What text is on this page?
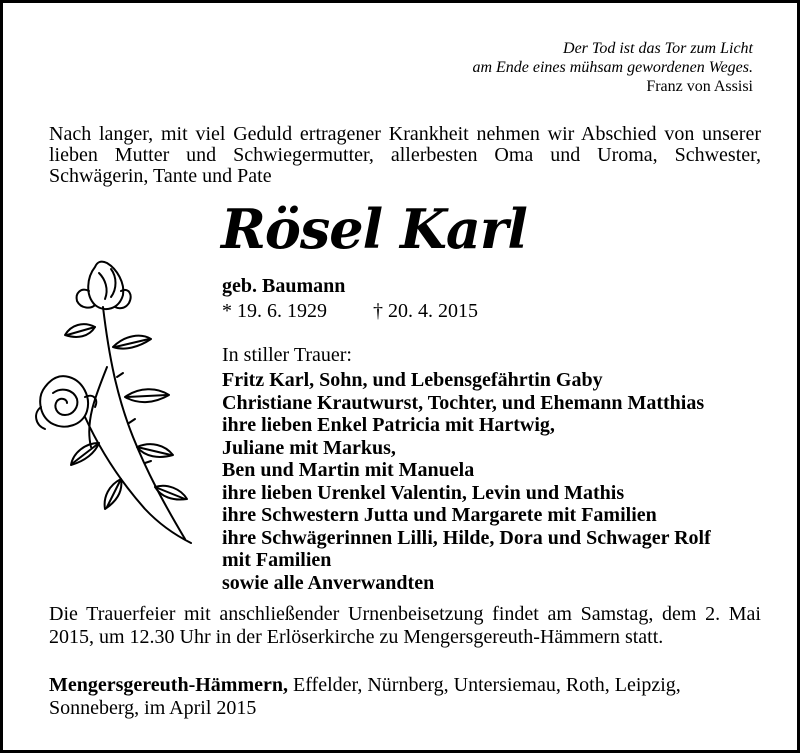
Der Tod ist das Tor zum Licht
am Ende eines mühsam gewordenen Weges.
Franz von Assisi
Nach langer, mit viel Geduld ertragener Krankheit nehmen wir Abschied von unserer lieben Mutter und Schwiegermutter, allerbesten Oma und Uroma, Schwester, Schwägerin, Tante und Pate
Rösel Karl
geb. Baumann
* 19. 6. 1929 † 20. 4. 2015
In stiller Trauer:
Fritz Karl, Sohn, und Lebensgefährtin Gaby
Christiane Krautwurst, Tochter, und Ehemann Matthias
ihre lieben Enkel Patricia mit Hartwig,
Juliane mit Markus,
Ben und Martin mit Manuela
ihre lieben Urenkel Valentin, Levin und Mathis
ihre Schwestern Jutta und Margarete mit Familien
ihre Schwägerinnen Lilli, Hilde, Dora und Schwager Rolf
mit Familien
sowie alle Anverwandten
Die Trauerfeier mit anschließender Urnenbeisetzung findet am Samstag, dem 2. Mai 2015, um 12.30 Uhr in der Erlöserkirche zu Mengersgereuth-Hämmern statt.
Mengersgereuth-Hämmern, Effelder, Nürnberg, Untersiemau, Roth, Leipzig, Sonneberg, im April 2015
